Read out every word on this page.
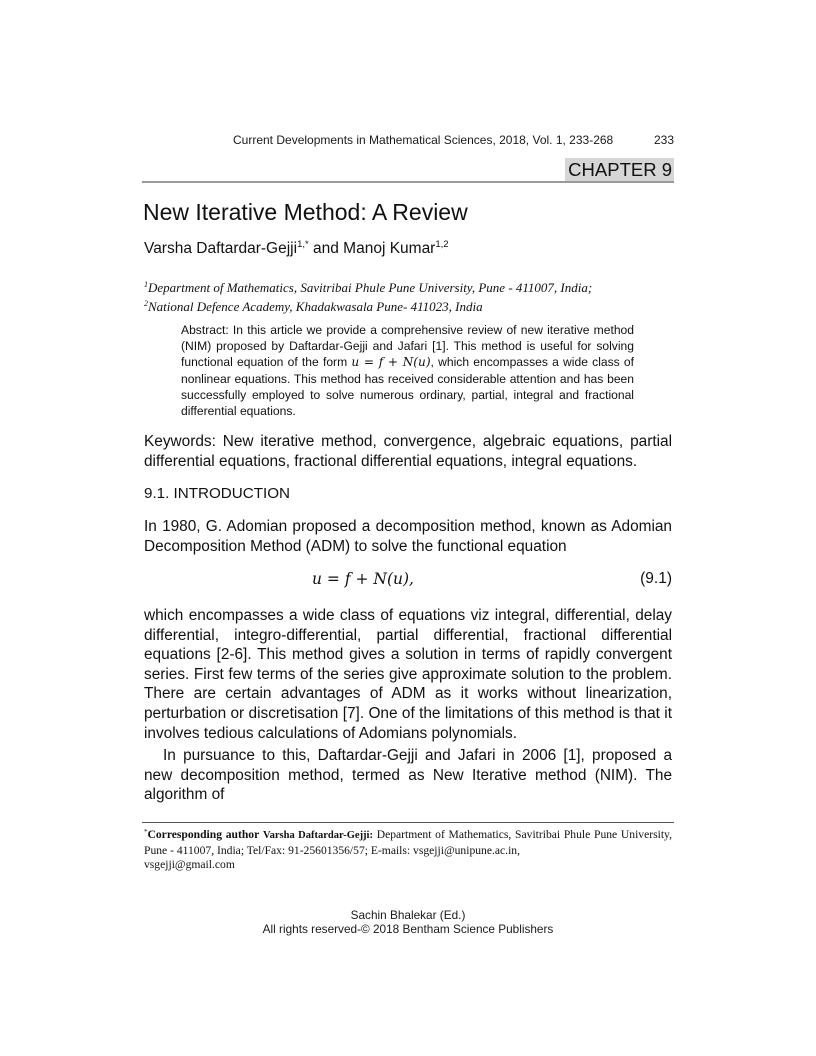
Current Developments in Mathematical Sciences, 2018, Vol. 1, 233-268	233
CHAPTER 9
New Iterative Method: A Review
Varsha Daftardar-Gejji$^{1,*}$ and Manoj Kumar$^{1,2}$
$^1$Department of Mathematics, Savitribai Phule Pune University, Pune - 411007, India;
$^2$National Defence Academy, Khadakwasala Pune- 411023, India
Abstract: In this article we provide a comprehensive review of new iterative method (NIM) proposed by Daftardar-Gejji and Jafari [1]. This method is useful for solving functional equation of the form u = f + N(u), which encompasses a wide class of nonlinear equations. This method has received considerable attention and has been successfully employed to solve numerous ordinary, partial, integral and fractional differential equations.
Keywords: New iterative method, convergence, algebraic equations, partial differential equations, fractional differential equations, integral equations.
9.1. INTRODUCTION

In 1980, G. Adomian proposed a decomposition method, known as Adomian Decomposition Method (ADM) to solve the functional equation

u = f + N(u),	(9.1)

which encompasses a wide class of equations viz integral, differential, delay differential, integro-differential, partial differential, fractional differential equations [2-6]. This method gives a solution in terms of rapidly convergent series. First few terms of the series give approximate solution to the problem. There are certain advantages of ADM as it works without linearization, perturbation or discretisation [7]. One of the limitations of this method is that it involves tedious calculations of Adomians polynomials.

In pursuance to this, Daftardar-Gejji and Jafari in 2006 [1], proposed a new decomposition method, termed as New Iterative method (NIM). The algorithm of

*Corresponding author Varsha Daftardar-Gejji: Department of Mathematics, Savitribai Phule Pune University, Pune - 411007, India; Tel/Fax: 91-25601356/57; E-mails: vsgejji@unipune.ac.in,
vsgejji@gmail.com
Sachin Bhalekar (Ed.)
All rights reserved-© 2018 Bentham Science Publishers
